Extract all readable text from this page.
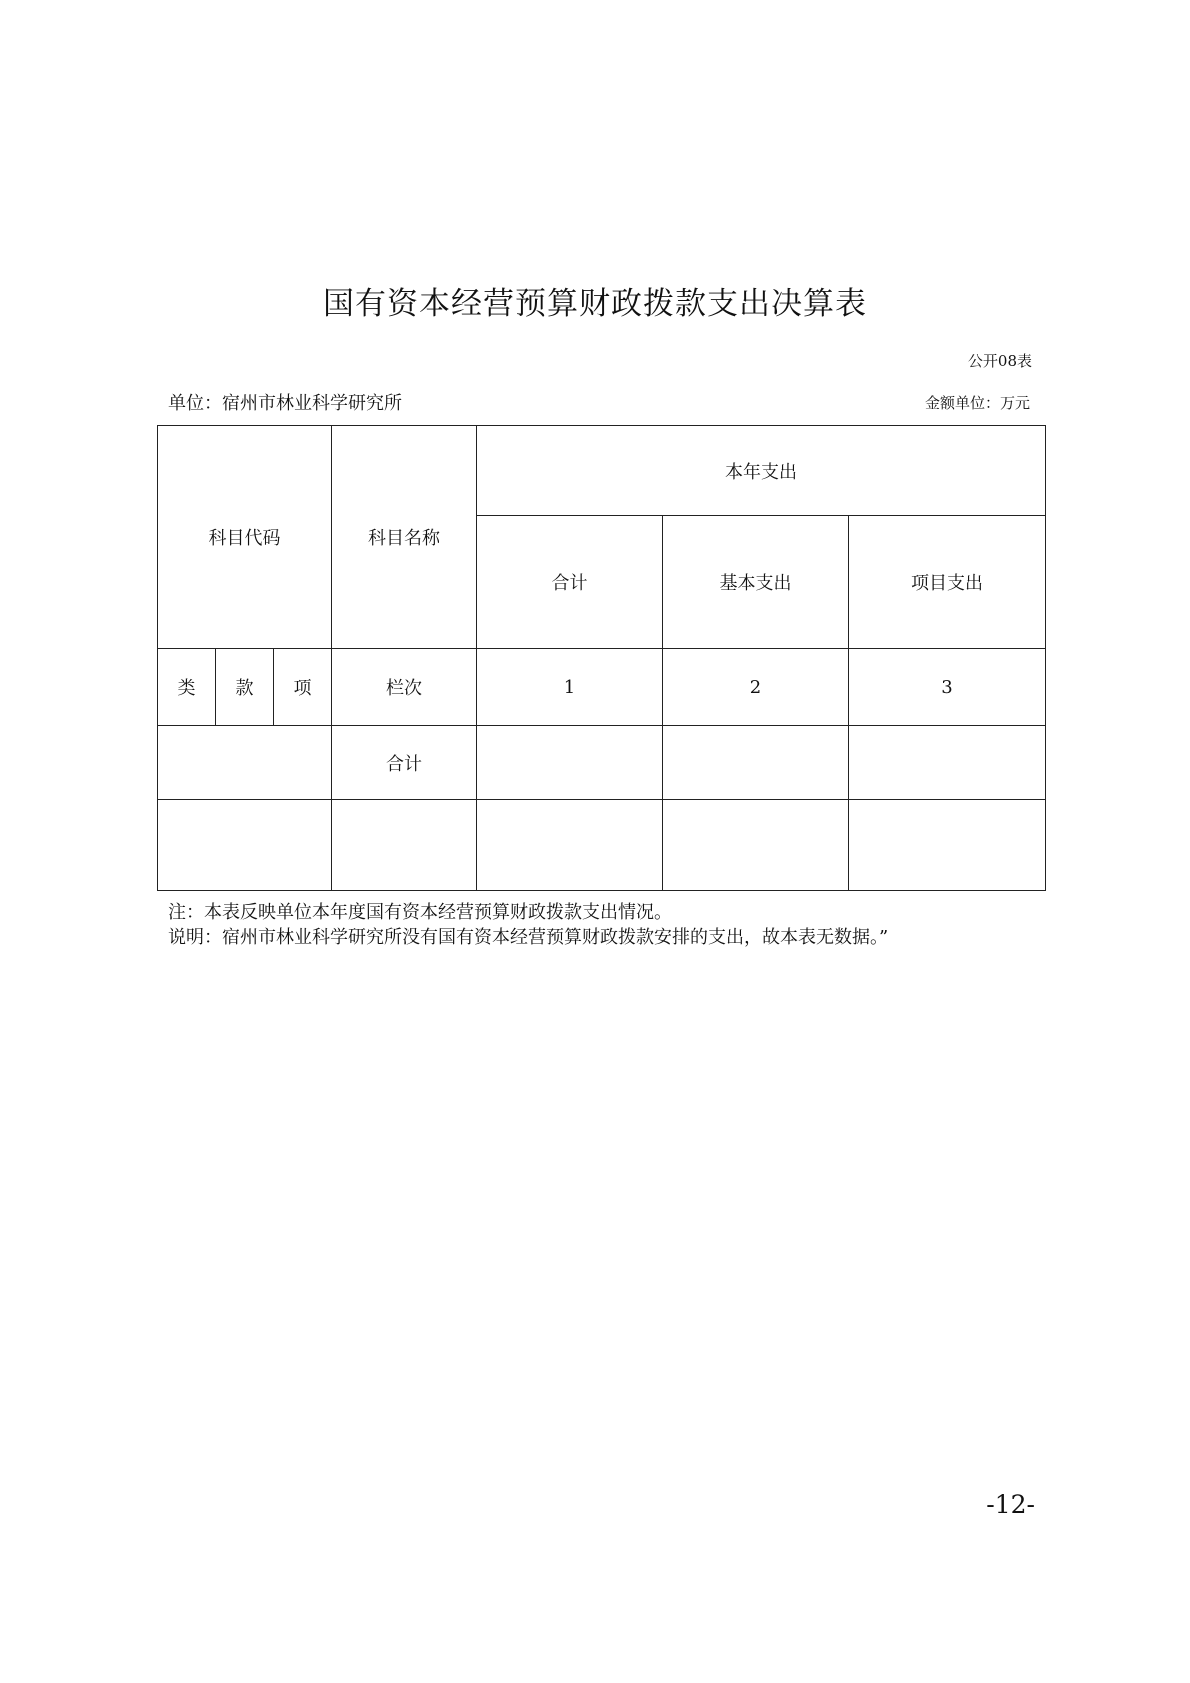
国有资本经营预算财政拨款支出决算表
公开08表
单位：宿州市林业科学研究所	金额单位：万元
科目代码			科目名称	本年支出		
				合计	基本支出	项目支出
类	款	项	栏次	1	2	3
			合计			

注：本表反映单位本年度国有资本经营预算财政拨款支出情况。
说明：宿州市林业科学研究所没有国有资本经营预算财政拨款安排的支出，故本表无数据。”
-12-
